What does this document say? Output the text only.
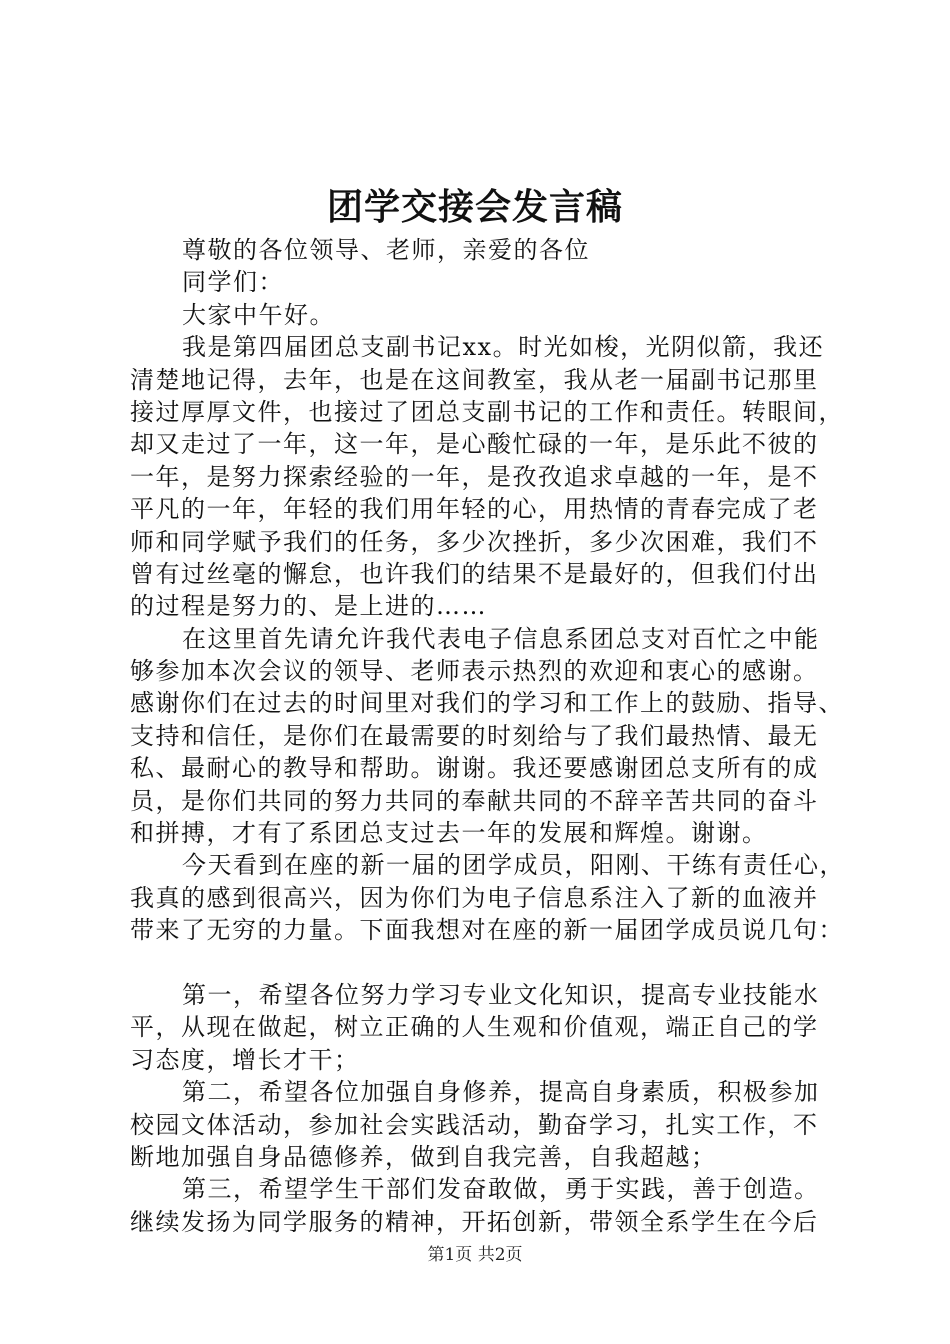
团学交接会发言稿
尊敬的各位领导、老师，亲爱的各位
同学们：
大家中午好。
我是第四届团总支副书记xx。时光如梭，光阴似箭，我还
清楚地记得，去年，也是在这间教室，我从老一届副书记那里
接过厚厚文件，也接过了团总支副书记的工作和责任。转眼间，
却又走过了一年，这一年，是心酸忙碌的一年，是乐此不彼的
一年，是努力探索经验的一年，是孜孜追求卓越的一年，是不
平凡的一年，年轻的我们用年轻的心，用热情的青春完成了老
师和同学赋予我们的任务，多少次挫折，多少次困难，我们不
曾有过丝毫的懈怠，也许我们的结果不是最好的，但我们付出
的过程是努力的、是上进的……
在这里首先请允许我代表电子信息系团总支对百忙之中能
够参加本次会议的领导、老师表示热烈的欢迎和衷心的感谢。
感谢你们在过去的时间里对我们的学习和工作上的鼓励、指导、
支持和信任，是你们在最需要的时刻给与了我们最热情、最无
私、最耐心的教导和帮助。谢谢。我还要感谢团总支所有的成
员，是你们共同的努力共同的奉献共同的不辞辛苦共同的奋斗
和拼搏，才有了系团总支过去一年的发展和辉煌。谢谢。
今天看到在座的新一届的团学成员，阳刚、干练有责任心，
我真的感到很高兴，因为你们为电子信息系注入了新的血液并
带来了无穷的力量。下面我想对在座的新一届团学成员说几句：
第一，希望各位努力学习专业文化知识，提高专业技能水
平，从现在做起，树立正确的人生观和价值观，端正自己的学
习态度，增长才干；
第二，希望各位加强自身修养，提高自身素质，积极参加
校园文体活动，参加社会实践活动，勤奋学习，扎实工作，不
断地加强自身品德修养，做到自我完善，自我超越；
第三，希望学生干部们发奋敢做，勇于实践，善于创造。
继续发扬为同学服务的精神，开拓创新，带领全系学生在今后
第1页 共2页
